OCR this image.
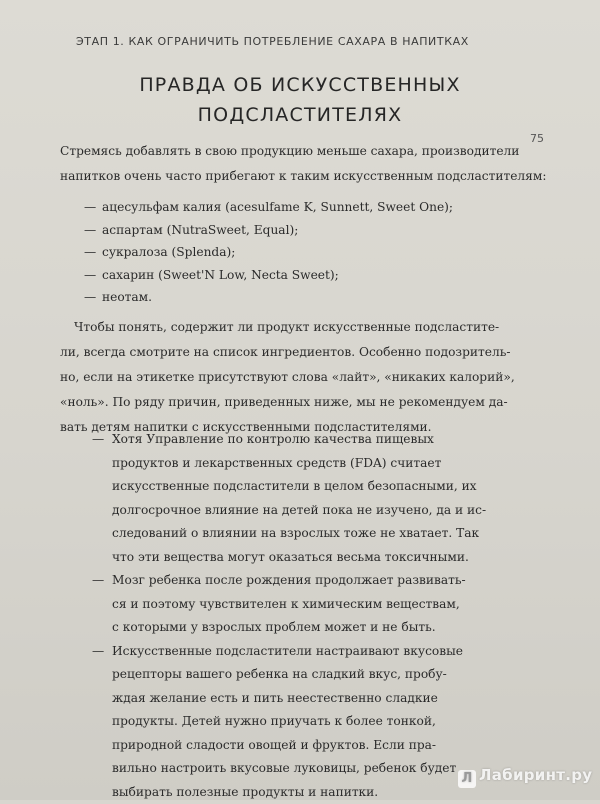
ЭТАП 1. КАК ОГРАНИЧИТЬ ПОТРЕБЛЕНИЕ САХАРА В НАПИТКАХ
ПРАВДА ОБ ИСКУССТВЕННЫХ
ПОДСЛАСТИТЕЛЯХ
75
Стремясь добавлять в свою продукцию меньше сахара, производители
напитков очень часто прибегают к таким искусственным подсластителям:
— ацесульфам калия (acesulfame K, Sunnett, Sweet One);
— аспартам (NutraSweet, Equal);
— сукралоза (Splenda);
— сахарин (Sweet'N Low, Necta Sweet);
— неотам.
Чтобы понять, содержит ли продукт искусственные подсластите-
ли, всегда смотрите на список ингредиентов. Особенно подозритель-
но, если на этикетке присутствуют слова «лайт», «никаких калорий»,
«ноль». По ряду причин, приведенных ниже, мы не рекомендуем да-
вать детям напитки с искусственными подсластителями.
— Хотя Управление по контролю качества пищевых
продуктов и лекарственных средств (FDA) считает
искусственные подсластители в целом безопасными, их
долгосрочное влияние на детей пока не изучено, да и ис-
следований о влиянии на взрослых тоже не хватает. Так
что эти вещества могут оказаться весьма токсичными.
— Мозг ребенка после рождения продолжает развивать-
ся и поэтому чувствителен к химическим веществам,
с которыми у взрослых проблем может и не быть.
— Искусственные подсластители настраивают вкусовые
рецепторы вашего ребенка на сладкий вкус, пробу-
ждая желание есть и пить неестественно сладкие
продукты. Детей нужно приучать к более тонкой,
природной сладости овощей и фруктов. Если пра-
вильно настроить вкусовые луковицы, ребенок будет
выбирать полезные продукты и напитки.
Л Лабиринт.ру
